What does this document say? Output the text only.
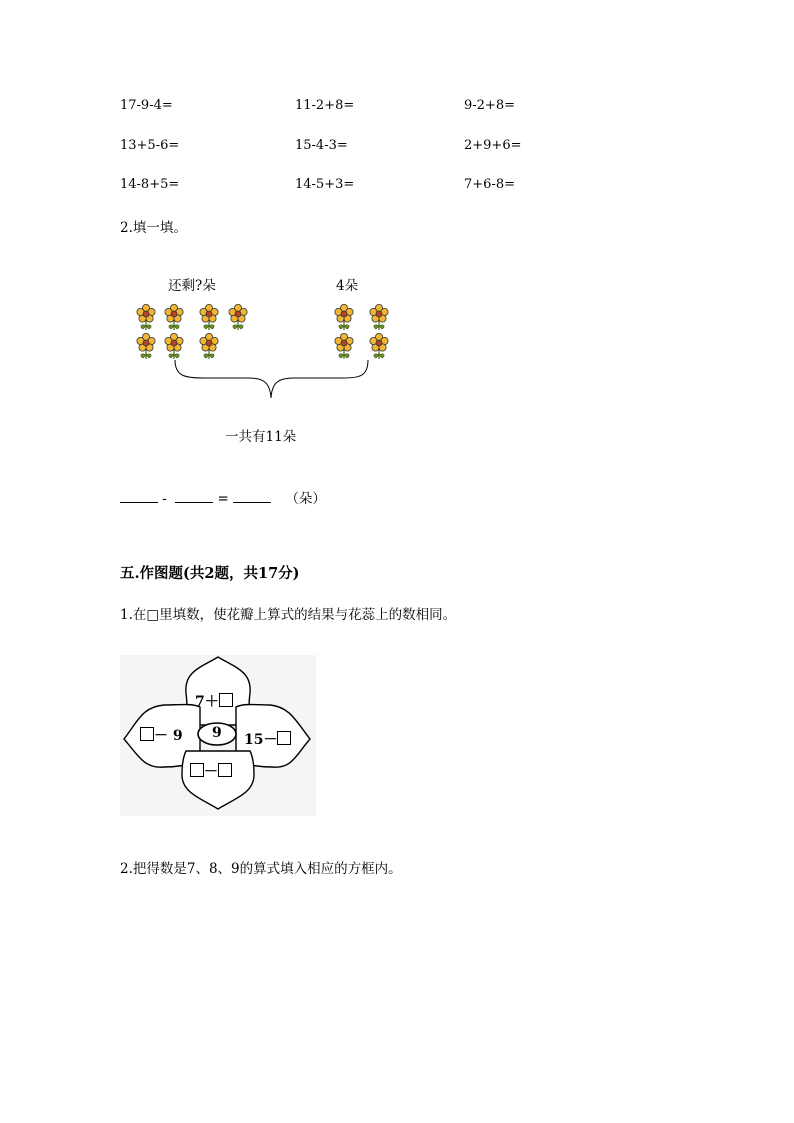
17-9-4=	11-2+8=	9-2+8=
13+5-6=	15-4-3=	2+9+6=
14-8+5=	14-5+3=	7+6-8=
2.填一填。
还剩?朵	4朵
一共有11朵
-	=	（朵）
五.作图题(共2题，共17分)
1.在□里填数，使花瓣上算式的结果与花蕊上的数相同。
7＋
－ 9 9 15－
－
2.把得数是7、8、9的算式填入相应的方框内。
